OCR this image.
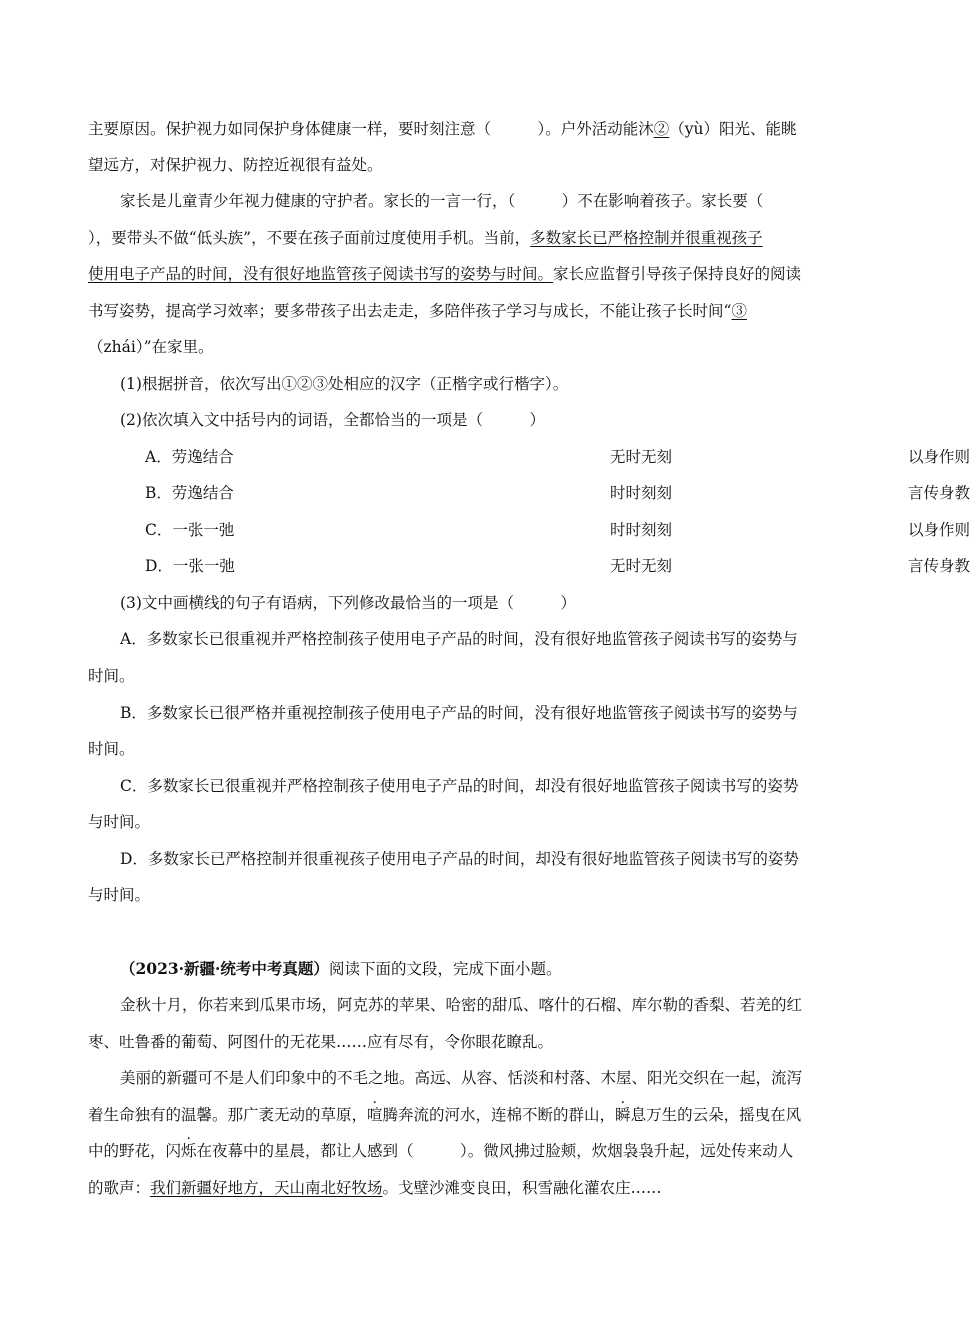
主要原因。保护视力如同保护身体健康一样，要时刻注意（　　　）。户外活动能沐②（yù）阳光、能眺
望远方，对保护视力、防控近视很有益处。
家长是儿童青少年视力健康的守护者。家长的一言一行，（　　　）不在影响着孩子。家长要（
），要带头不做“低头族”，不要在孩子面前过度使用手机。当前，多数家长已严格控制并很重视孩子
使用电子产品的时间，没有很好地监管孩子阅读书写的姿势与时间。家长应监督引导孩子保持良好的阅读
书写姿势，提高学习效率；要多带孩子出去走走，多陪伴孩子学习与成长，不能让孩子长时间“③
（zhái）”在家里。
(1)根据拼音，依次写出①②③处相应的汉字（正楷字或行楷字）。
(2)依次填入文中括号内的词语，全都恰当的一项是（　　　）
A．劳逸结合	无时无刻	以身作则
B．劳逸结合	时时刻刻	言传身教
C．一张一弛	时时刻刻	以身作则
D．一张一弛	无时无刻	言传身教
(3)文中画横线的句子有语病，下列修改最恰当的一项是（　　　）
A．多数家长已很重视并严格控制孩子使用电子产品的时间，没有很好地监管孩子阅读书写的姿势与
时间。
B．多数家长已很严格并重视控制孩子使用电子产品的时间，没有很好地监管孩子阅读书写的姿势与
时间。
C．多数家长已很重视并严格控制孩子使用电子产品的时间，却没有很好地监管孩子阅读书写的姿势
与时间。
D．多数家长已严格控制并很重视孩子使用电子产品的时间，却没有很好地监管孩子阅读书写的姿势
与时间。
（2023·新疆·统考中考真题）阅读下面的文段，完成下面小题。
金秋十月，你若来到瓜果市场，阿克苏的苹果、哈密的甜瓜、喀什的石榴、库尔勒的香梨、若羌的红
枣、吐鲁番的葡萄、阿图什的无花果……应有尽有，令你眼花瞭乱。
美丽的新疆可不是人们印象中的不毛之地。高远、从容、恬淡和村落、木屋、阳光交织在一起，流泻
着生命独有的温馨。那广袤无动的草原，喧腾奔流的河水，连棉不断的群山，瞬息万生的云朵，摇曳在风
中的野花，闪烁在夜幕中的星晨，都让人感到（　　　）。微风拂过脸颊，炊烟袅袅升起，远处传来动人
的歌声：我们新疆好地方，天山南北好牧场。戈壁沙滩变良田，积雪融化灌农庄……
